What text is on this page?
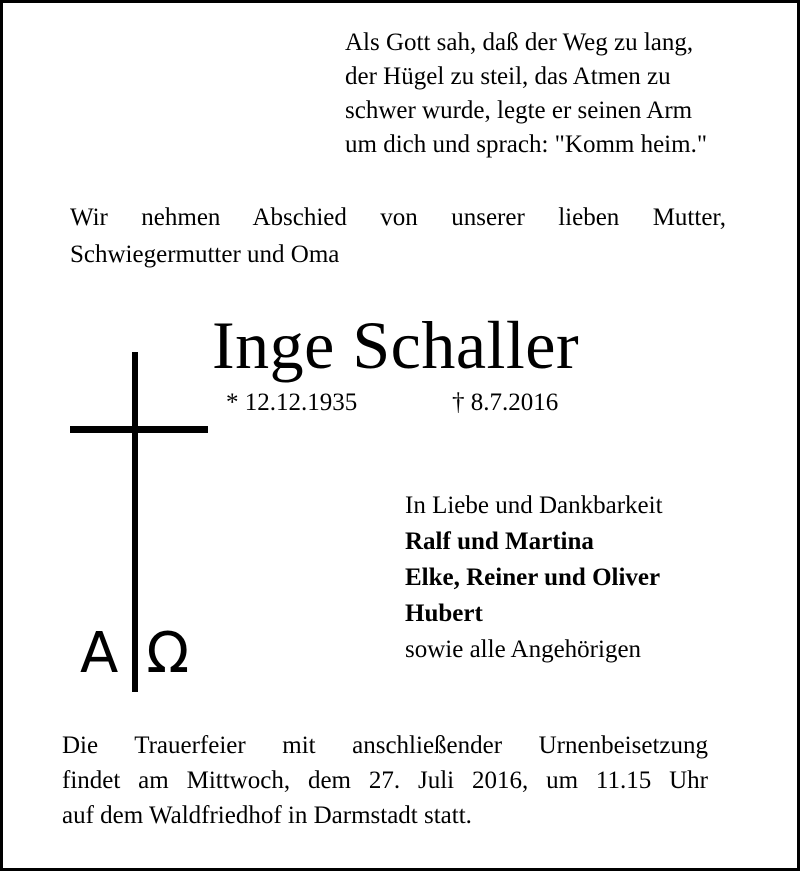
Als Gott sah, daß der Weg zu lang,
der Hügel zu steil, das Atmen zu
schwer wurde, legte er seinen Arm
um dich und sprach: "Komm heim."
Wir nehmen Abschied von unserer lieben Mutter,
Schwiegermutter und Oma
Inge Schaller
* 12.12.1935	† 8.7.2016
A Ω
In Liebe und Dankbarkeit
Ralf und Martina
Elke, Reiner und Oliver
Hubert
sowie alle Angehörigen
Die Trauerfeier mit anschließender Urnenbeisetzung
findet am Mittwoch, dem 27. Juli 2016, um 11.15 Uhr
auf dem Waldfriedhof in Darmstadt statt.
